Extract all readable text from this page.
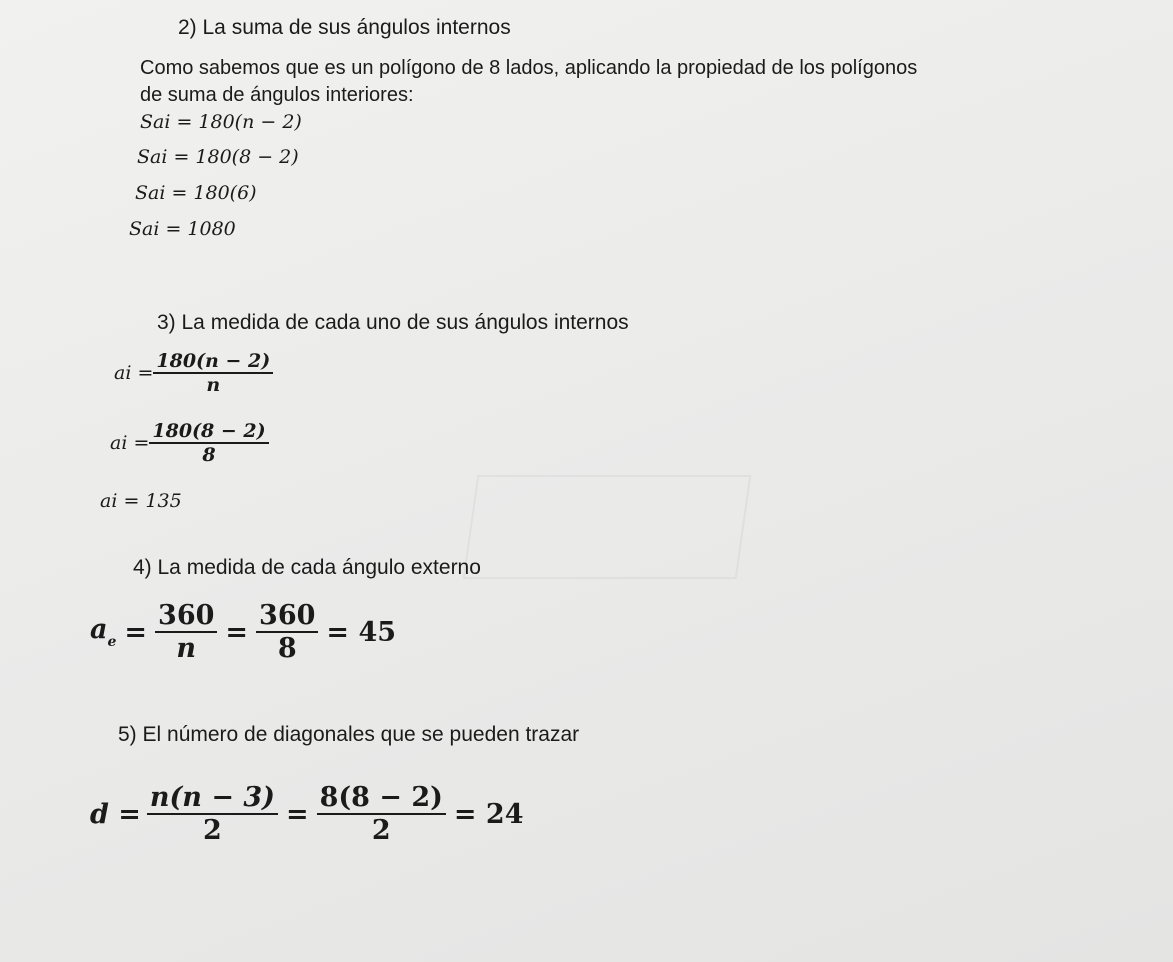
2) La suma de sus ángulos internos
Como sabemos que es un polígono de 8 lados, aplicando la propiedad de los polígonos
de suma de ángulos interiores:
Sai = 180(n − 2)
Sai = 180(8 − 2)
Sai = 180(6)
Sai = 1080
3) La medida de cada uno de sus ángulos internos
ai = $\frac{180(n - 2)}{n}$
ai = $\frac{180(8 - 2)}{8}$
ai = 135
4) La medida de cada ángulo externo
$a_e = \frac{360}{n} = \frac{360}{8} = 45$
5) El número de diagonales que se pueden trazar
$d = \frac{n(n - 3)}{2} = \frac{8(8 - 2)}{2} = 24$
